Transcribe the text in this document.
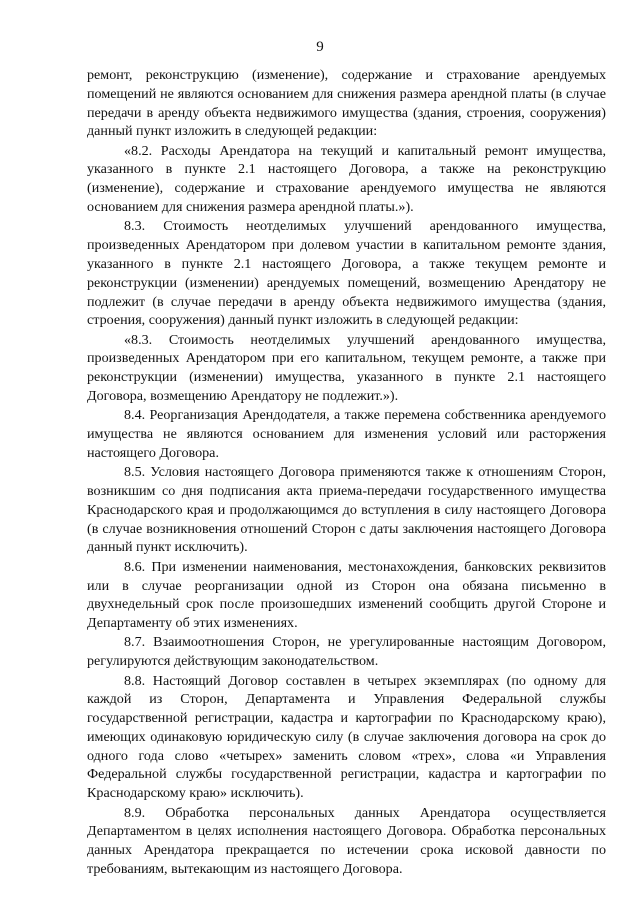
9

ремонт, реконструкцию (изменение), содержание и страхование арендуемых помещений не являются основанием для снижения размера арендной платы (в случае передачи в аренду объекта недвижимого имущества (здания, строения, сооружения) данный пункт изложить в следующей редакции:

«8.2. Расходы Арендатора на текущий и капитальный ремонт имущества, указанного в пункте 2.1 настоящего Договора, а также на реконструкцию (изменение), содержание и страхование арендуемого имущества не являются основанием для снижения размера арендной платы.»).

8.3. Стоимость неотделимых улучшений арендованного имущества, произведенных Арендатором при долевом участии в капитальном ремонте здания, указанного в пункте 2.1 настоящего Договора, а также текущем ремонте и реконструкции (изменении) арендуемых помещений, возмещению Арендатору не подлежит (в случае передачи в аренду объекта недвижимого имущества (здания, строения, сооружения) данный пункт изложить в следующей редакции:

«8.3. Стоимость неотделимых улучшений арендованного имущества, произведенных Арендатором при его капитальном, текущем ремонте, а также при реконструкции (изменении) имущества, указанного в пункте 2.1 настоящего Договора, возмещению Арендатору не подлежит.»).

8.4. Реорганизация Арендодателя, а также перемена собственника арендуемого имущества не являются основанием для изменения условий или расторжения настоящего Договора.

8.5. Условия настоящего Договора применяются также к отношениям Сторон, возникшим со дня подписания акта приема-передачи государственного имущества Краснодарского края и продолжающимся до вступления в силу настоящего Договора (в случае возникновения отношений Сторон с даты заключения настоящего Договора данный пункт исключить).

8.6. При изменении наименования, местонахождения, банковских реквизитов или в случае реорганизации одной из Сторон она обязана письменно в двухнедельный срок после произошедших изменений сообщить другой Стороне и Департаменту об этих изменениях.

8.7. Взаимоотношения Сторон, не урегулированные настоящим Договором, регулируются действующим законодательством.

8.8. Настоящий Договор составлен в четырех экземплярах (по одному для каждой из Сторон, Департамента и Управления Федеральной службы государственной регистрации, кадастра и картографии по Краснодарскому краю), имеющих одинаковую юридическую силу (в случае заключения договора на срок до одного года слово «четырех» заменить словом «трех», слова «и Управления Федеральной службы государственной регистрации, кадастра и картографии по Краснодарскому краю» исключить).

8.9. Обработка персональных данных Арендатора осуществляется Департаментом в целях исполнения настоящего Договора. Обработка персональных данных Арендатора прекращается по истечении срока исковой давности по требованиям, вытекающим из настоящего Договора.
